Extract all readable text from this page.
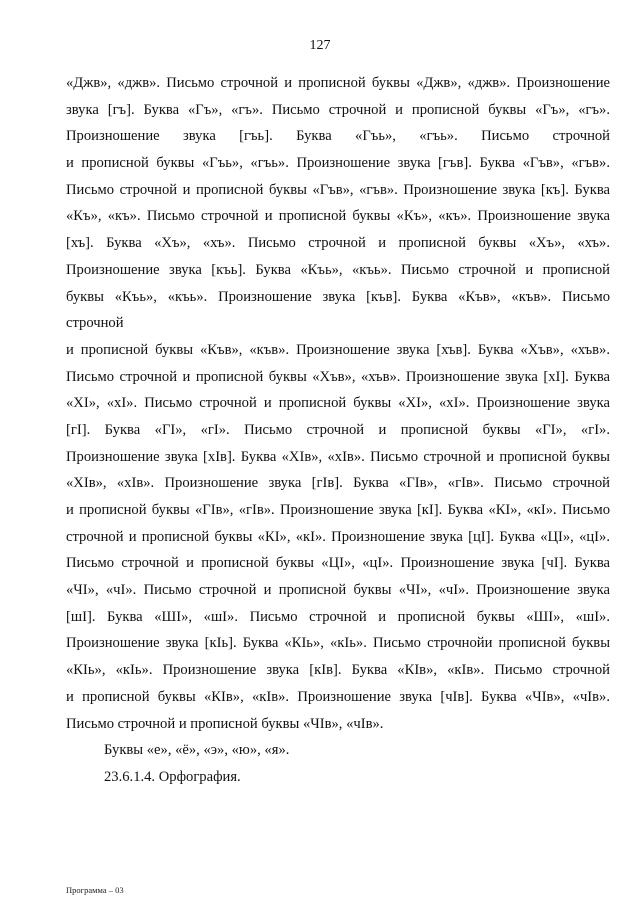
127
«Джв», «джв». Письмо строчной и прописной буквы «Джв», «джв». Произношение
звука [гъ]. Буква «Гъ», «гъ». Письмо строчной и прописной буквы «Гъ», «гъ».
Произношение звука [гъь]. Буква «Гъь», «гъь». Письмо строчной
и прописной буквы «Гъь», «гъь». Произношение звука [гъв]. Буква «Гъв», «гъв».
Письмо строчной и прописной буквы «Гъв», «гъв». Произношение звука [къ]. Буква
«Къ», «къ». Письмо строчной и прописной буквы «Къ», «къ». Произношение звука
[хъ]. Буква «Хъ», «хъ». Письмо строчной и прописной буквы «Хъ», «хъ».
Произношение звука [къь]. Буква «Къь», «къь». Письмо строчной и прописной
буквы «Къь», «къь». Произношение звука [къв]. Буква «Къв», «къв». Письмо
строчной
и прописной буквы «Къв», «къв». Произношение звука [хъв]. Буква «Хъв», «хъв».
Письмо строчной и прописной буквы «Хъв», «хъв». Произношение звука [хI]. Буква
«XI», «хI». Письмо строчной и прописной буквы «XI», «хI». Произношение звука
[гI]. Буква «ГI», «гI». Письмо строчной и прописной буквы «ГI», «гI».
Произношение звука [хIв]. Буква «XIв», «хIв». Письмо строчной и прописной буквы
«XIв», «хIв». Произношение звука [гIв]. Буква «ГIв», «гIв». Письмо строчной
и прописной буквы «ГIв», «гIв». Произношение звука [кI]. Буква «КI», «кI». Письмо
строчной и прописной буквы «КI», «кI». Произношение звука [цI]. Буква «ЦI», «цI».
Письмо строчной и прописной буквы «ЦI», «цI». Произношение звука [чI]. Буква
«ЧI», «чI». Письмо строчной и прописной буквы «ЧI», «чI». Произношение звука
[шI]. Буква «ШI», «шI». Письмо строчной и прописной буквы «ШI», «шI».
Произношение звука [кIь]. Буква «КIь», «кIь». Письмо строчнойи прописной буквы
«КIь», «кIь». Произношение звука [кIв]. Буква «КIв», «кIв». Письмо строчной
и прописной буквы «КIв», «кIв». Произношение звука [чIв]. Буква «ЧIв», «чIв».
Письмо строчной и прописной буквы «ЧIв», «чIв».
Буквы «е», «ё», «э», «ю», «я».
23.6.1.4. Орфография.
Программа – 03
